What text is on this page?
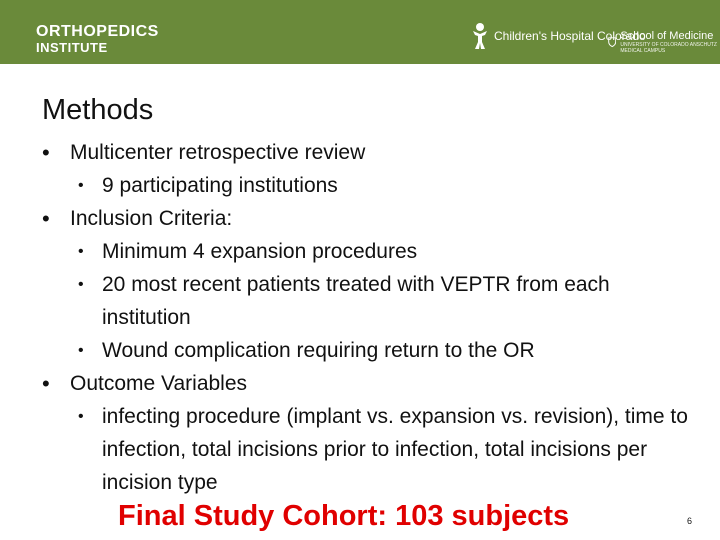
ORTHOPEDICS
INSTITUTE
Children's Hospital Colorado
School of Medicine
UNIVERSITY OF COLORADO ANSCHUTZ MEDICAL CAMPUS
Methods
• Multicenter retrospective review
• 9 participating institutions
• Inclusion Criteria:
• Minimum 4 expansion procedures
• 20 most recent patients treated with VEPTR from each institution
• Wound complication requiring return to the OR
• Outcome Variables
• infecting procedure (implant vs. expansion vs. revision), time to infection, total incisions prior to infection, total incisions per incision type
Final Study Cohort: 103 subjects	6
